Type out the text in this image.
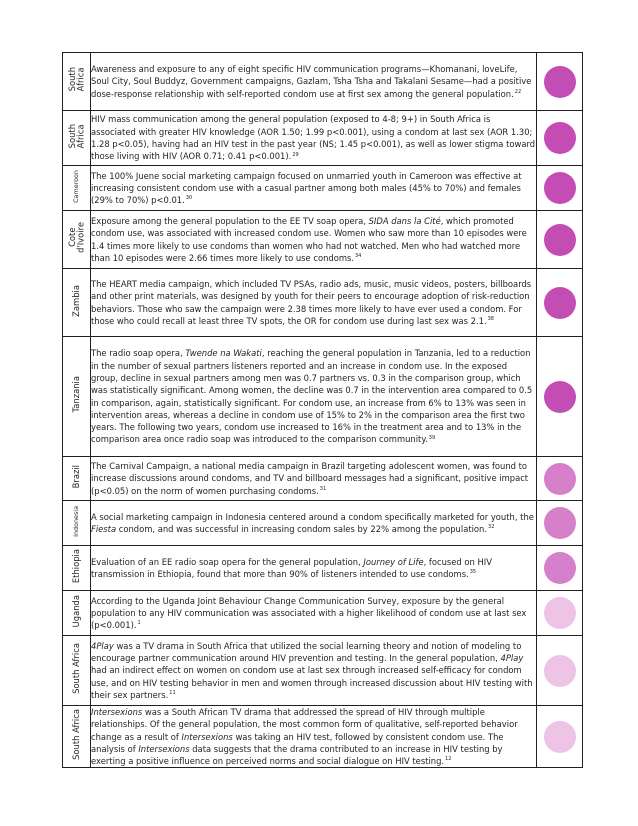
South
Africa	Awareness and exposure to any of eight specific HIV communication programs—Khomanani, loveLife, Soul City, Soul Buddyz, Government campaigns, Gazlam, Tsha Tsha and Takalani Sesame—had a positive dose-response relationship with self-reported condom use at first sex among the general population.$^{22}$	
South
Africa	HIV mass communication among the general population (exposed to 4-8; 9+) in South Africa is associated with greater HIV knowledge (AOR 1.50; 1.99 p<0.001), using a condom at last sex (AOR 1.30; 1.28 p<0.05), having had an HIV test in the past year (NS; 1.45 p<0.001), as well as lower stigma toward those living with HIV (AOR 0.71; 0.41 p<0.001).$^{29}$	
Cameroon	The 100% Juene social marketing campaign focused on unmarried youth in Cameroon was effective at increasing consistent condom use with a casual partner among both males (45% to 70%) and females (29% to 70%) p<0.01.30	
Cote
d'Ivoire	Exposure among the general population to the EE TV soap opera, SIDA dans la Cité, which promoted condom use, was associated with increased condom use. Women who saw more than 10 episodes were 1.4 times more likely to use condoms than women who had not watched. Men who had watched more than 10 episodes were 2.66 times more likely to use condoms.$^{34}$	
Zambia	The HEART media campaign, which included TV PSAs, radio ads, music, music videos, posters, billboards and other print materials, was designed by youth for their peers to encourage adoption of risk-reduction behaviors. Those who saw the campaign were 2.38 times more likely to have ever used a condom. For those who could recall at least three TV spots, the OR for condom use during last sex was 2.1.38	
Tanzania	The radio soap opera, Twende na Wakati, reaching the general population in Tanzania, led to a reduction in the number of sexual partners listeners reported and an increase in condom use. In the exposed group, decline in sexual partners among men was 0.7 partners vs. 0.3 in the comparison group, which was statistically significant. Among women, the decline was 0.7 in the intervention area compared to 0.5 in comparison, again, statistically significant. For condom use, an increase from 6% to 13% was seen in intervention areas, whereas a decline in condom use of 15% to 2% in the comparison area the first two years. The following two years, condom use increased to 16% in the treatment area and to 13% in the comparison area once radio soap was introduced to the comparison community.$^{39}$	
Brazil	The Carnival Campaign, a national media campaign in Brazil targeting adolescent women, was found to increase discussions around condoms, and TV and billboard messages had a significant, positive impact (p<0.05) on the norm of women purchasing condoms.$^{31}$	
Indonesia	A social marketing campaign in Indonesia centered around a condom specifically marketed for youth, the Fiesta condom, and was successful in increasing condom sales by 22% among the population.$^{32}$	
Ethiopia	Evaluation of an EE radio soap opera for the general population, Journey of Life, focused on HIV transmission in Ethiopia, found that more than 90% of listeners intended to use condoms.$^{35}$	
Uganda	According to the Uganda Joint Behaviour Change Communication Survey, exposure by the general population to any HIV communication was associated with a higher likelihood of condom use at last sex (p<0.001).$^1$	
South Africa	4Play was a TV drama in South Africa that utilized the social learning theory and notion of modeling to encourage partner communication around HIV prevention and testing. In the general population, 4Play had an indirect effect on women on condom use at last sex through increased self-efficacy for condom use, and on HIV testing behavior in men and women through increased discussion about HIV testing with their sex partners.$^{11}$	
South Africa	Intersexions was a South African TV drama that addressed the spread of HIV through multiple relationships. Of the general population, the most common form of qualitative, self-reported behavior change as a result of Intersexions was taking an HIV test, followed by consistent condom use. The analysis of Intersexions data suggests that the drama contributed to an increase in HIV testing by exerting a positive influence on perceived norms and social dialogue on HIV testing.$^{12}$	
